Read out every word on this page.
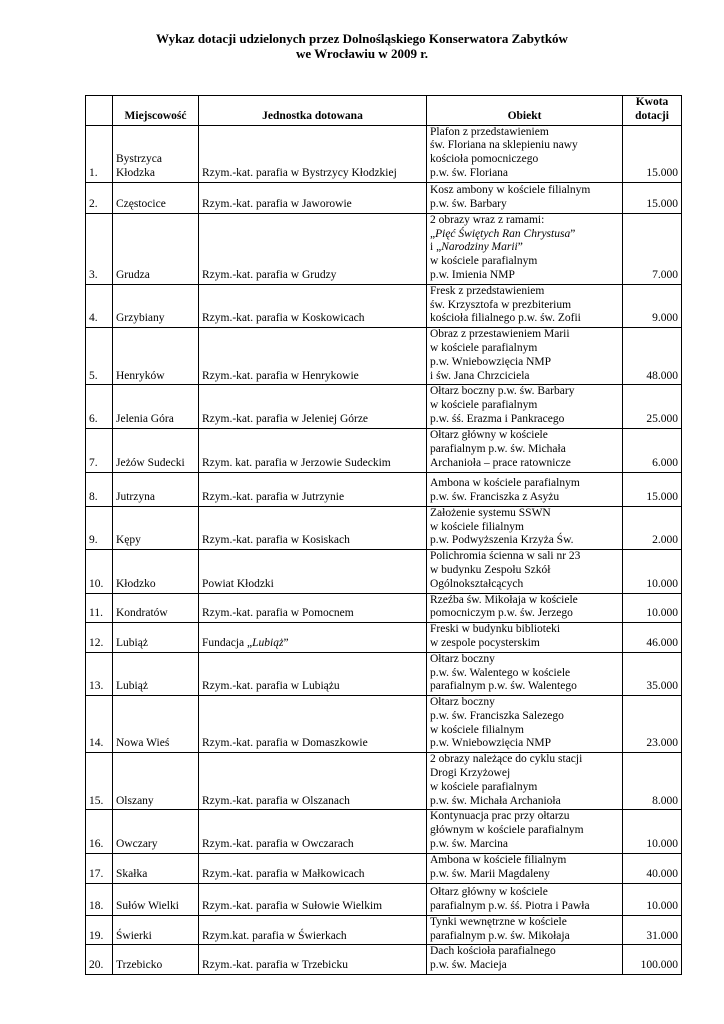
Wykaz dotacji udzielonych przez Dolnośląskiego Konserwatora Zabytków
we Wrocławiu w 2009 r.
	Miejscowość	Jednostka dotowana	Obiekt	Kwota
dotacji

1.	Bystrzyca
Kłodzka	Rzym.-kat. parafia w Bystrzycy Kłodzkiej	Plafon z przedstawieniem
św. Floriana na sklepieniu nawy
kościoła pomocniczego
p.w. św. Floriana	15.000
2.	Częstocice	Rzym.-kat. parafia w Jaworowie	Kosz ambony w kościele filialnym
p.w. św. Barbary	15.000
3.	Grudza	Rzym.-kat. parafia w Grudzy	2 obrazy wraz z ramami:
„Pięć Świętych Ran Chrystusa”
i „Narodziny Marii”
w kościele parafialnym
p.w. Imienia NMP	7.000
4.	Grzybiany	Rzym.-kat. parafia w Koskowicach	Fresk z przedstawieniem
św. Krzysztofa w prezbiterium
kościoła filialnego p.w. św. Zofii	9.000
5.	Henryków	Rzym.-kat. parafia w Henrykowie	Obraz z przestawieniem Marii
w kościele parafialnym
p.w. Wniebowzięcia NMP
i św. Jana Chrzciciela	48.000
6.	Jelenia Góra	Rzym.-kat. parafia w Jeleniej Górze	Ołtarz boczny p.w. św. Barbary
w kościele parafialnym
p.w. śś. Erazma i Pankracego	25.000
7.	Jeżów Sudecki	Rzym. kat. parafia w Jerzowie Sudeckim	Ołtarz główny w kościele
parafialnym p.w. św. Michała
Archanioła – prace ratownicze	6.000
8.	Jutrzyna	Rzym.-kat. parafia w Jutrzynie	Ambona w kościele parafialnym
p.w. św. Franciszka z Asyżu	15.000
9.	Kępy	Rzym.-kat. parafia w Kosiskach	Założenie systemu SSWN
w kościele filialnym
p.w. Podwyższenia Krzyża Św.	2.000
10.	Kłodzko	Powiat Kłodzki	Polichromia ścienna w sali nr 23
w budynku Zespołu Szkół
Ogólnokształcących	10.000
11.	Kondratów	Rzym.-kat. parafia w Pomocnem	Rzeźba św. Mikołaja w kościele
pomocniczym p.w. św. Jerzego	10.000
12.	Lubiąż	Fundacja „Lubiąż”	Freski w budynku biblioteki
w zespole pocysterskim	46.000
13.	Lubiąż	Rzym.-kat. parafia w Lubiążu	Ołtarz boczny
p.w. św. Walentego w kościele
parafialnym p.w. św. Walentego	35.000
14.	Nowa Wieś	Rzym.-kat. parafia w Domaszkowie	Ołtarz boczny
p.w. św. Franciszka Salezego
w kościele filialnym
p.w. Wniebowzięcia NMP	23.000
15.	Olszany	Rzym.-kat. parafia w Olszanach	2 obrazy należące do cyklu stacji
Drogi Krzyżowej
w kościele parafialnym
p.w. św. Michała Archanioła	8.000
16.	Owczary	Rzym.-kat. parafia w Owczarach	Kontynuacja prac przy ołtarzu
głównym w kościele parafialnym
p.w. św. Marcina	10.000
17.	Skałka	Rzym.-kat. parafia w Małkowicach	Ambona w kościele filialnym
p.w. św. Marii Magdaleny	40.000
18.	Sułów Wielki	Rzym.-kat. parafia w Sułowie Wielkim	Ołtarz główny w kościele
parafialnym p.w. śś. Piotra i Pawła	10.000
19.	Świerki	Rzym.kat. parafia w Świerkach	Tynki wewnętrzne w kościele
parafialnym p.w. św. Mikołaja	31.000
20.	Trzebicko	Rzym.-kat. parafia w Trzebicku	Dach kościoła parafialnego
p.w. św. Macieja	100.000
